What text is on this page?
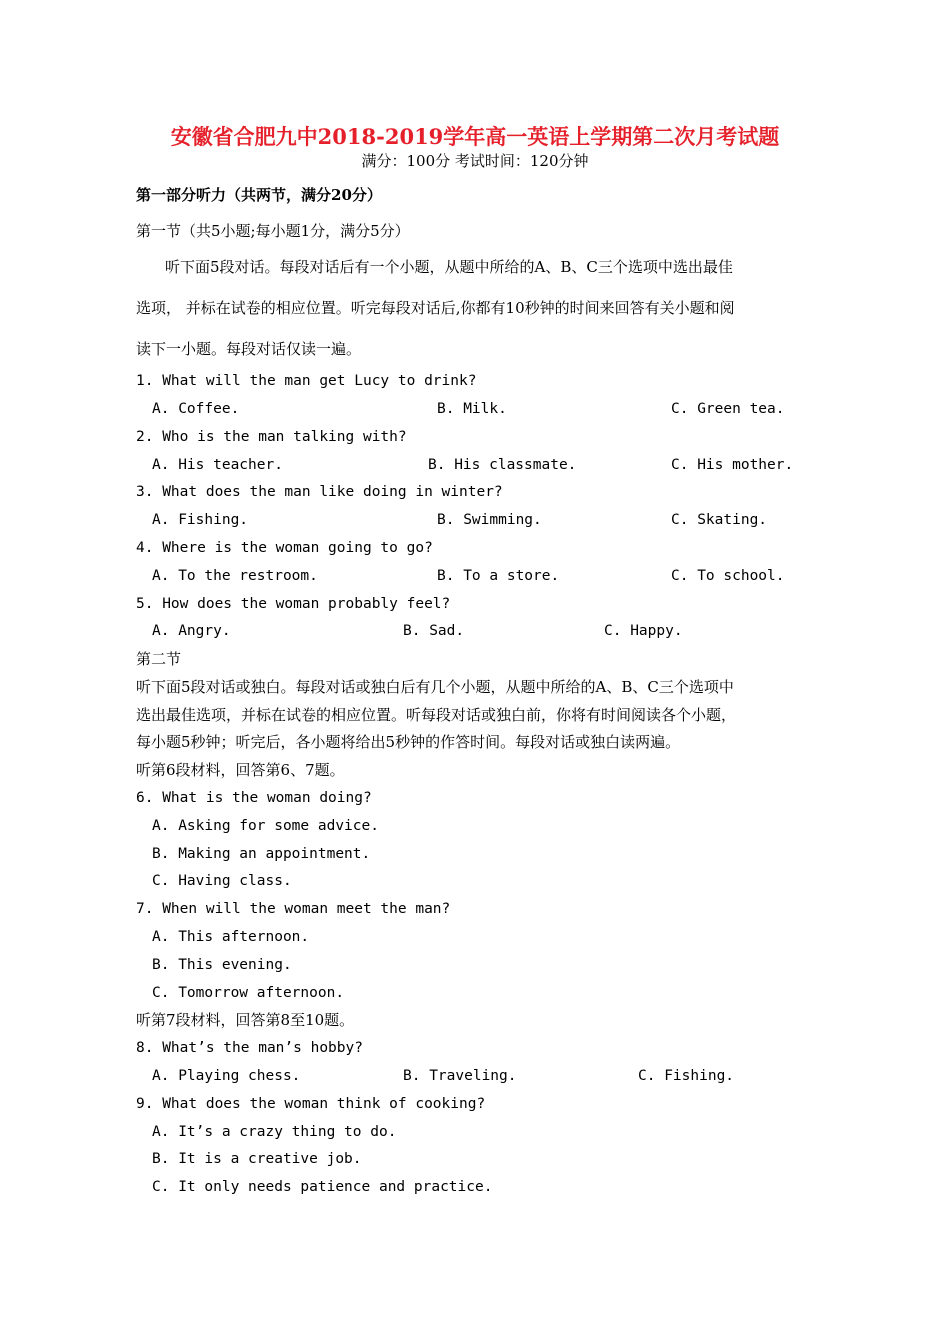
安徽省合肥九中2018-2019学年高一英语上学期第二次月考试题
满分：100分 考试时间：120分钟
第一部分听力（共两节，满分20分）
第一节（共5小题;每小题1分，满分5分）
听下面5段对话。每段对话后有一个小题，从题中所给的A、B、C三个选项中选出最佳
选项， 并标在试卷的相应位置。听完每段对话后,你都有10秒钟的时间来回答有关小题和阅
读下一小题。每段对话仅读一遍。
1. What will the man get Lucy to drink?
A. Coffee.	B. Milk.	C. Green tea.
2. Who is the man talking with?
A. His teacher.	B. His classmate.	C. His mother.
3. What does the man like doing in winter?
A. Fishing.	B. Swimming.	C. Skating.
4. Where is the woman going to go?
A. To the restroom.	B. To a store.	C. To school.
5. How does the woman probably feel?
A. Angry.	B. Sad.	C. Happy.
第二节
听下面5段对话或独白。每段对话或独白后有几个小题，从题中所给的A、B、C三个选项中
选出最佳选项，并标在试卷的相应位置。听每段对话或独白前，你将有时间阅读各个小题，
每小题5秒钟；听完后，各小题将给出5秒钟的作答时间。每段对话或独白读两遍。
听第6段材料，回答第6、7题。
6. What is the woman doing?
A. Asking for some advice.
B. Making an appointment.
C. Having class.
7. When will the woman meet the man?
A. This afternoon.
B. This evening.
C. Tomorrow afternoon.
听第7段材料，回答第8至10题。
8. What’s the man’s hobby?
A. Playing chess.	B. Traveling.	C. Fishing.
9. What does the woman think of cooking?
A. It’s a crazy thing to do.
B. It is a creative job.
C. It only needs patience and practice.
